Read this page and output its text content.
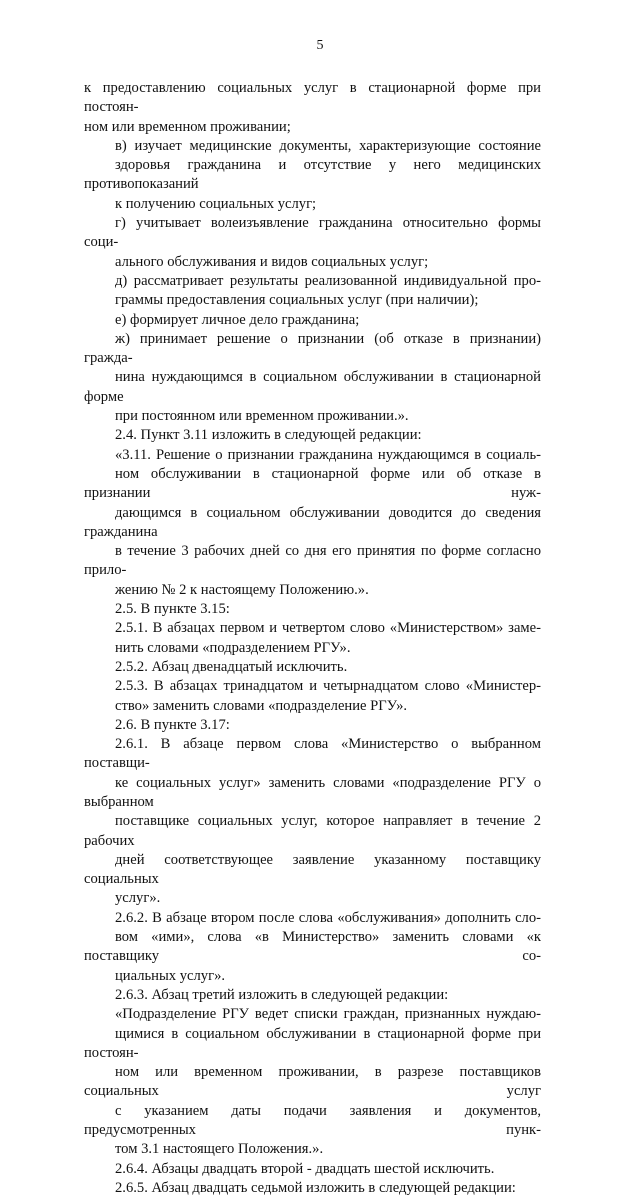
5

к предоставлению социальных услуг в стационарной форме при постоян-
ном или временном проживании;

в) изучает медицинские документы, характеризующие состояние
здоровья гражданина и отсутствие у него медицинских противопоказаний
к получению социальных услуг;

г) учитывает волеизъявление гражданина относительно формы соци-
ального обслуживания и видов социальных услуг;

д) рассматривает результаты реализованной индивидуальной про-
граммы предоставления социальных услуг (при наличии);

е) формирует личное дело гражданина;

ж) принимает решение о признании (об отказе в признании) гражда-
нина нуждающимся в социальном обслуживании в стационарной форме
при постоянном или временном проживании.».

2.4. Пункт 3.11 изложить в следующей редакции:

«3.11. Решение о признании гражданина нуждающимся в социаль-
ном обслуживании в стационарной форме или об отказе в признании нуж-
дающимся в социальном обслуживании доводится до сведения гражданина
в течение 3 рабочих дней со дня его принятия по форме согласно прило-
жению № 2 к настоящему Положению.».

2.5. В пункте 3.15:

2.5.1. В абзацах первом и четвертом слово «Министерством» заме-
нить словами «подразделением РГУ».

2.5.2. Абзац двенадцатый исключить.

2.5.3. В абзацах тринадцатом и четырнадцатом слово «Министер-
ство» заменить словами «подразделение РГУ».

2.6. В пункте 3.17:

2.6.1. В абзаце первом слова «Министерство о выбранном поставщи-
ке социальных услуг» заменить словами «подразделение РГУ о выбранном
поставщике социальных услуг, которое направляет в течение 2 рабочих
дней соответствующее заявление указанному поставщику социальных
услуг».

2.6.2. В абзаце втором после слова «обслуживания» дополнить сло-
вом «ими», слова «в Министерство» заменить словами «к поставщику со-
циальных услуг».

2.6.3. Абзац третий изложить в следующей редакции:

«Подразделение РГУ ведет списки граждан, признанных нуждаю-
щимися в социальном обслуживании в стационарной форме при постоян-
ном или временном проживании, в разрезе поставщиков социальных услуг
с указанием даты подачи заявления и документов, предусмотренных пунк-
том 3.1 настоящего Положения.».

2.6.4. Абзацы двадцать второй - двадцать шестой исключить.

2.6.5. Абзац двадцать седьмой изложить в следующей редакции:
